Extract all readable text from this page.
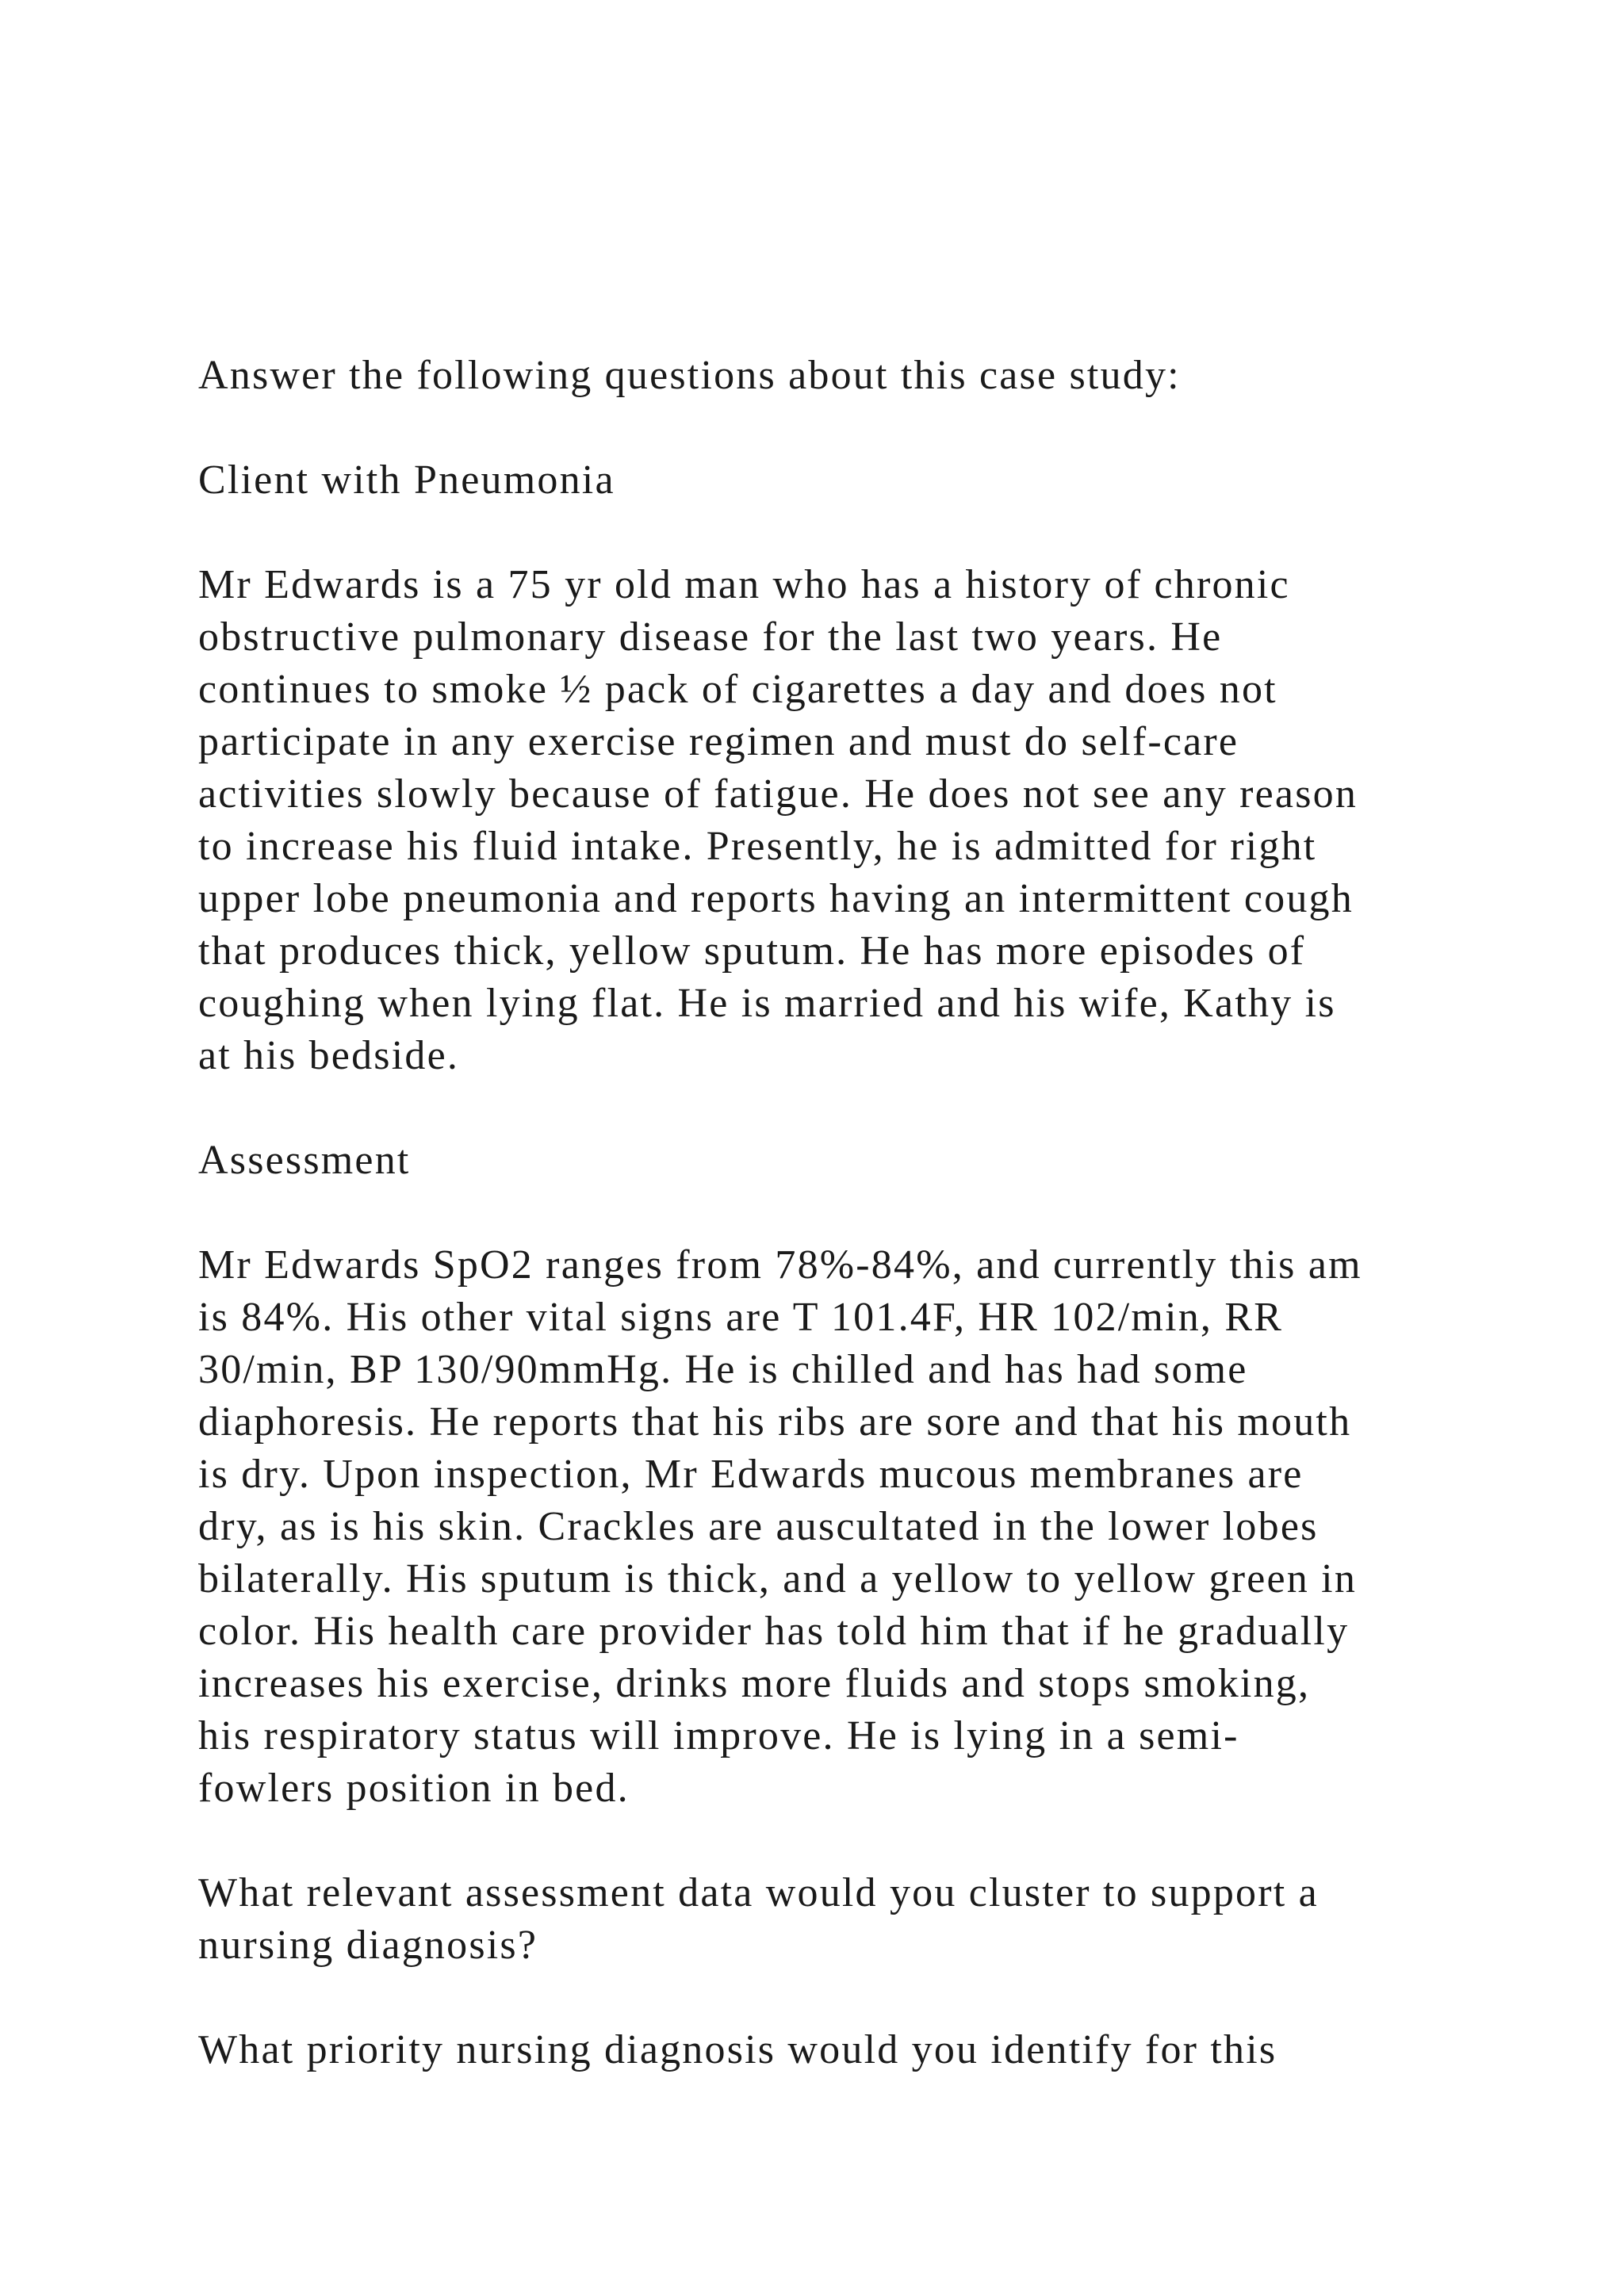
Answer the following questions about this case study:

Client with Pneumonia

Mr Edwards is a 75 yr old man who has a history of chronic
obstructive pulmonary disease for the last two years. He
continues to smoke ½ pack of cigarettes a day and does not
participate in any exercise regimen and must do self-care
activities slowly because of fatigue. He does not see any reason
to increase his fluid intake. Presently, he is admitted for right
upper lobe pneumonia and reports having an intermittent cough
that produces thick, yellow sputum. He has more episodes of
coughing when lying flat. He is married and his wife, Kathy is
at his bedside.

Assessment

Mr Edwards SpO2 ranges from 78%-84%, and currently this am
is 84%. His other vital signs are T 101.4F, HR 102/min, RR
30/min, BP 130/90mmHg. He is chilled and has had some
diaphoresis. He reports that his ribs are sore and that his mouth
is dry. Upon inspection, Mr Edwards mucous membranes are
dry, as is his skin. Crackles are auscultated in the lower lobes
bilaterally. His sputum is thick, and a yellow to yellow green in
color. His health care provider has told him that if he gradually
increases his exercise, drinks more fluids and stops smoking,
his respiratory status will improve. He is lying in a semi-
fowlers position in bed.

What relevant assessment data would you cluster to support a
nursing diagnosis?

What priority nursing diagnosis would you identify for this
